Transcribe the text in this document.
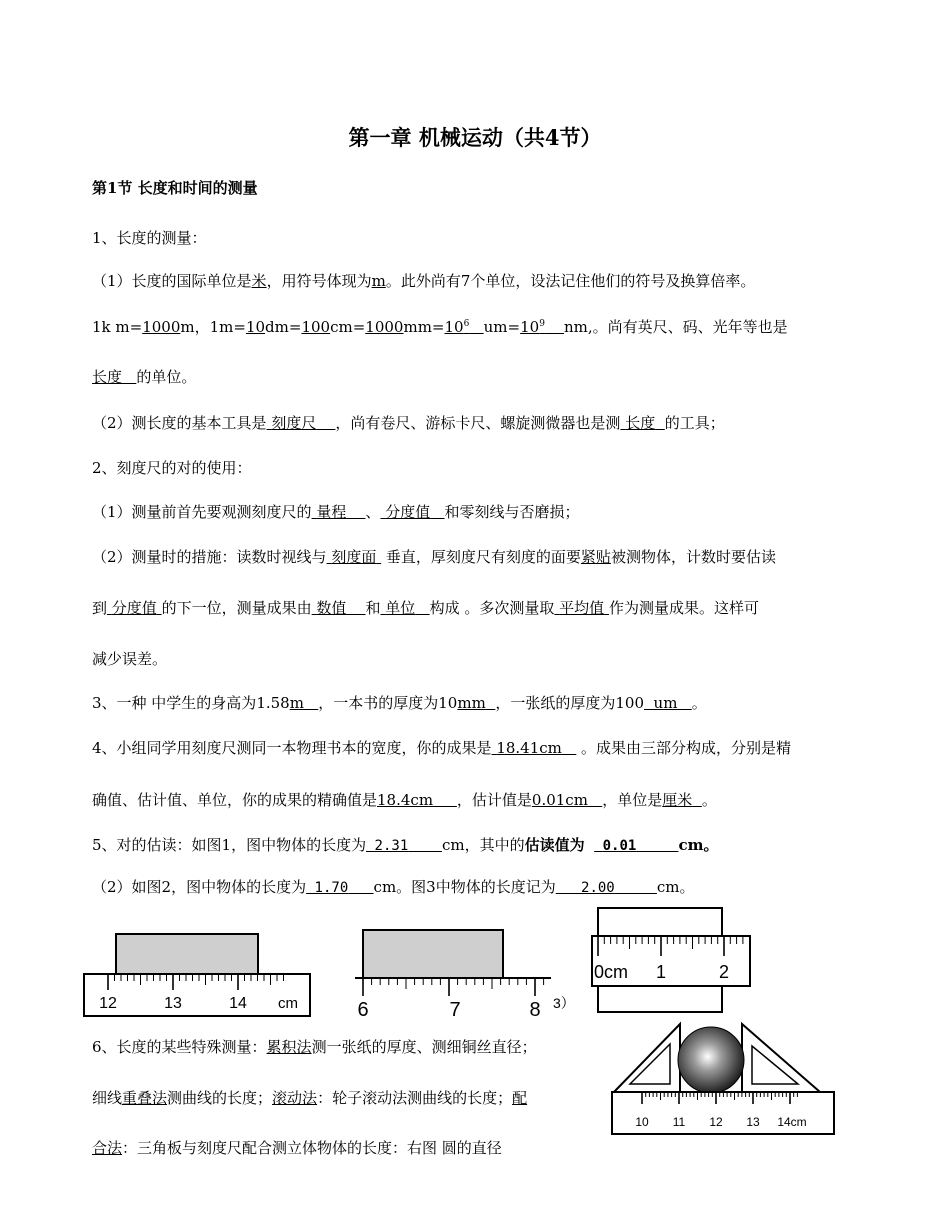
第一章 机械运动（共4节）
第1节 长度和时间的测量
1、长度的测量：
（1）长度的国际单位是米，用符号体现为m。此外尚有7个单位，设法记住他们的符号及换算倍率。
1k m=1000m，$1m=10dm=100cm=1000mm=10^6$ $um=10^9$ nm,。尚有英尺、码、光年等也是
长度 的单位。
（2）测长度的基本工具是 刻度尺 ，尚有卷尺、游标卡尺、螺旋测微器也是测 长度 的工具；
2、刻度尺的对的使用：
（1）测量前首先要观测刻度尺的 量程 、 分度值 和零刻线与否磨损；
（2）测量时的措施：读数时视线与 刻度面 垂直，厚刻度尺有刻度的面要紧贴被测物体，计数时要估读
到 分度值 的下一位，测量成果由 数值 和 单位 构成 。多次测量取 平均值 作为测量成果。这样可
减少误差。
3、一种 中学生的身高为1.58m ，一本书的厚度为10mm ，一张纸的厚度为100 um 。
4、小组同学用刻度尺测同一本物理书本的宽度，你的成果是 18.41cm 。成果由三部分构成，分别是精
确值、估计值、单位，你的成果的精确值是18.4cm ，估计值是0.01cm ，单位是厘米 。
5、对的估读：如图1，图中物体的长度为 2.31 cm，其中的估读值为 0.01	cm。
（2）如图2，图中物体的长度为 1.70 cm。图3中物体的长度记为 2.00	cm。
12	13	14 cm	6	7	8 3）
0cm 1	2
6、长度的某些特殊测量：累积法测一张纸的厚度、测细铜丝直径；
细线重叠法测曲线的长度；滚动法：轮子滚动法测曲线的长度；配
合法：三角板与刻度尺配合测立体物体的长度：右图 圆的直径
10 11 12 13 14cm
